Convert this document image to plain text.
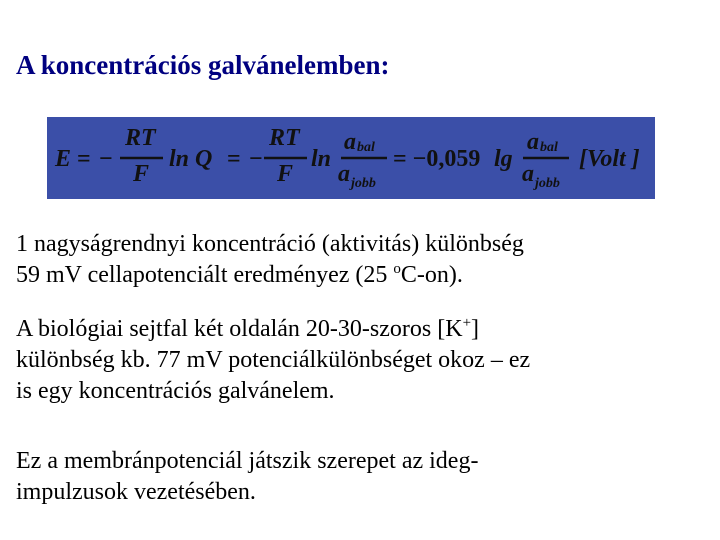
A koncentrációs galvánelemben:
E = −
RT
F
ln Q = −
RT
F
ln
a bal
a jobb
= −0,059 lg
a bal
a jobb
[Volt ]
1 nagyságrendnyi koncentráció (aktivitás) különbség
59 mV cellapotenciált eredményez (25 $^o$C-on).
A biológiai sejtfal két oldalán 20-30-szoros [K+]
különbség kb. 77 mV potenciálkülönbséget okoz – ez
is egy koncentrációs galvánelem.
Ez a membránpotenciál játszik szerepet az ideg-
impulzusok vezetésében.
